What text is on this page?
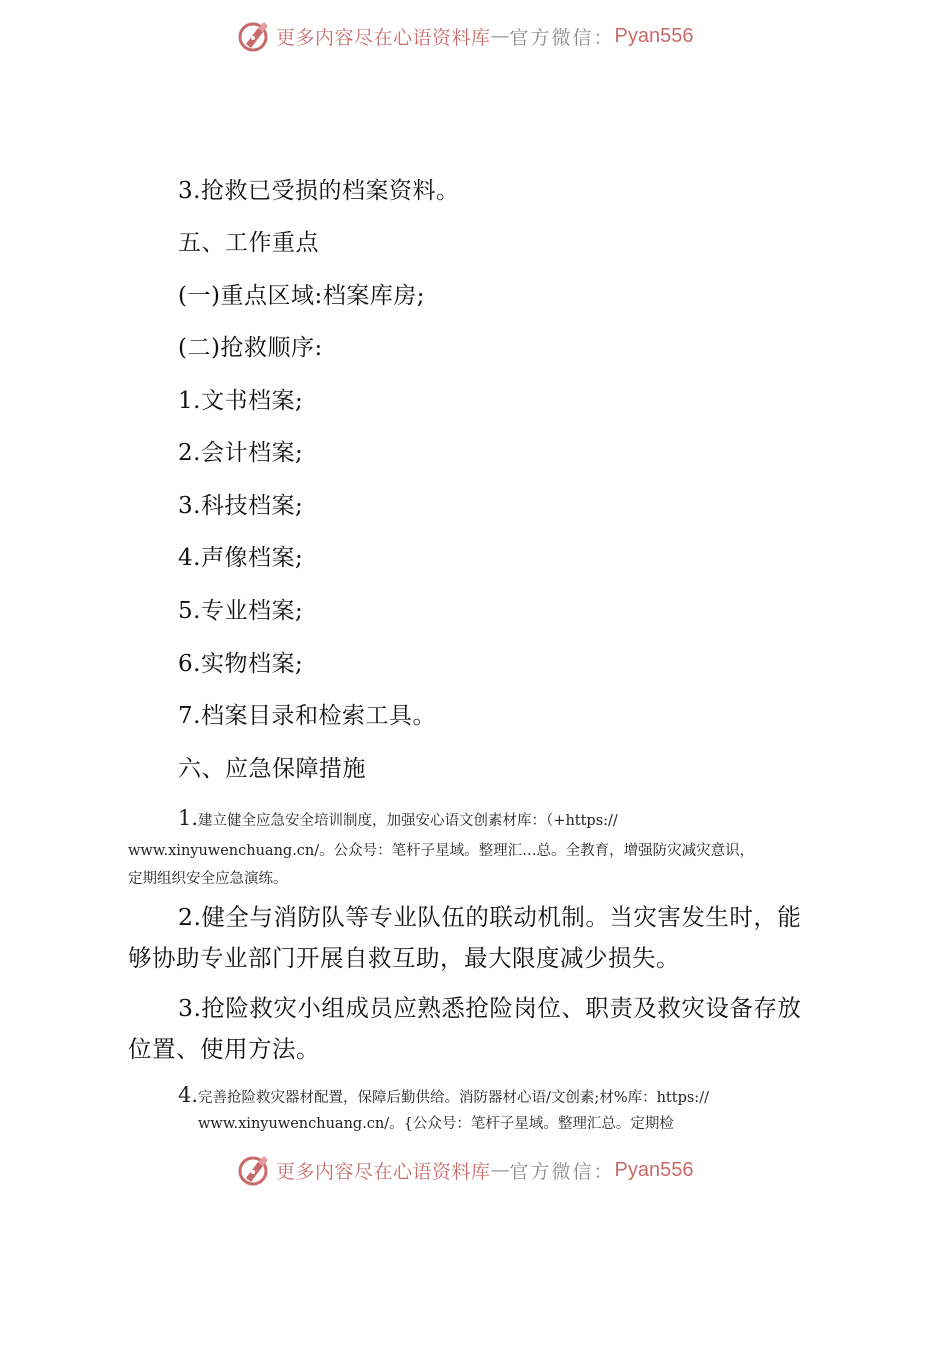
更多内容尽在心语资料库 — 官方微信： Pyan556
3.抢救已受损的档案资料。
五、工作重点
(一)重点区域:档案库房;
(二)抢救顺序:
1.文书档案;
2.会计档案;
3.科技档案;
4.声像档案;
5.专业档案;
6.实物档案;
7.档案目录和检索工具。
六、应急保障措施
1.建立健全应急安全培训制度，加强安心语文创素材库：（+https://
www.xinyuwenchuang.cn/。公众号：笔杆子星域。整理汇…总。全教育，增强防灾减灾意识，
定期组织安全应急演练。
2.健全与消防队等专业队伍的联动机制。当灾害发生时，能
够协助专业部门开展自救互助，最大限度减少损失。
3.抢险救灾小组成员应熟悉抢险岗位、职责及救灾设备存放
位置、使用方法。
4.完善抢险救灾器材配置，保障后勤供给。消防器材心语/文创素;材%库：https://
www.xinyuwenchuang.cn/。{公众号：笔杆子星域。整理汇总。定期检
更多内容尽在心语资料库 — 官方微信： Pyan556
